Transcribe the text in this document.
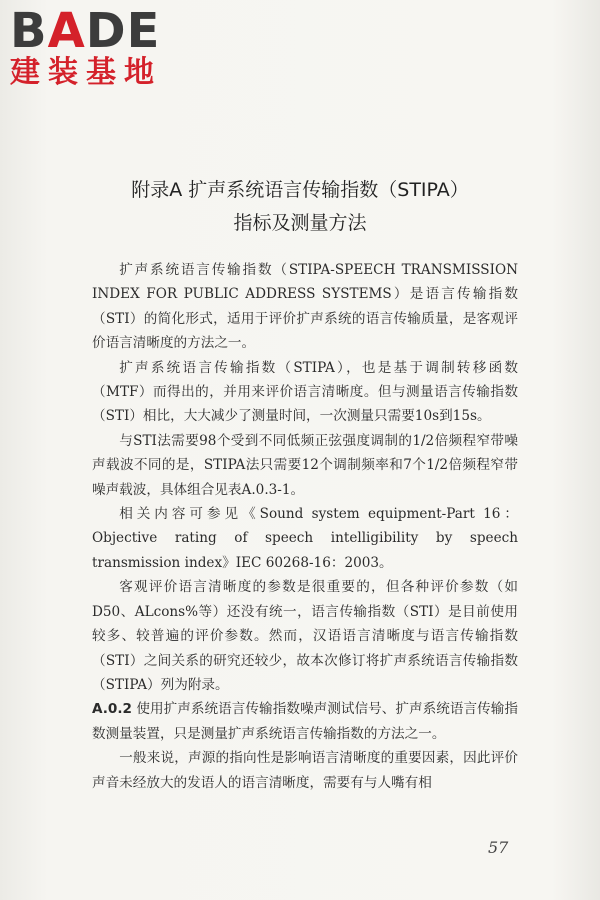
BADE
建装基地
附录A 扩声系统语言传输指数（STIPA）
指标及测量方法

扩声系统语言传输指数（STIPA-SPEECH TRANSMISSION INDEX FOR PUBLIC ADDRESS SYSTEMS）是语言传输指数（STI）的简化形式，适用于评价扩声系统的语言传输质量，是客观评价语言清晰度的方法之一。

扩声系统语言传输指数（STIPA），也是基于调制转移函数（MTF）而得出的，并用来评价语言清晰度。但与测量语言传输指数（STI）相比，大大减少了测量时间，一次测量只需要10s到15s。

与STI法需要98个受到不同低频正弦强度调制的1/2倍频程窄带噪声载波不同的是，STIPA法只需要12个调制频率和7个1/2倍频程窄带噪声载波，具体组合见表A.0.3-1。

相关内容可参见《Sound system equipment-Part 16：Objective rating of speech intelligibility by speech transmission index》IEC 60268-16：2003。

客观评价语言清晰度的参数是很重要的，但各种评价参数（如D50、ALcons%等）还没有统一，语言传输指数（STI）是目前使用较多、较普遍的评价参数。然而，汉语语言清晰度与语言传输指数（STI）之间关系的研究还较少，故本次修订将扩声系统语言传输指数（STIPA）列为附录。

A.0.2 使用扩声系统语言传输指数噪声测试信号、扩声系统语言传输指数测量装置，只是测量扩声系统语言传输指数的方法之一。

一般来说，声源的指向性是影响语言清晰度的重要因素，因此评价声音未经放大的发语人的语言清晰度，需要有与人嘴有相

57
